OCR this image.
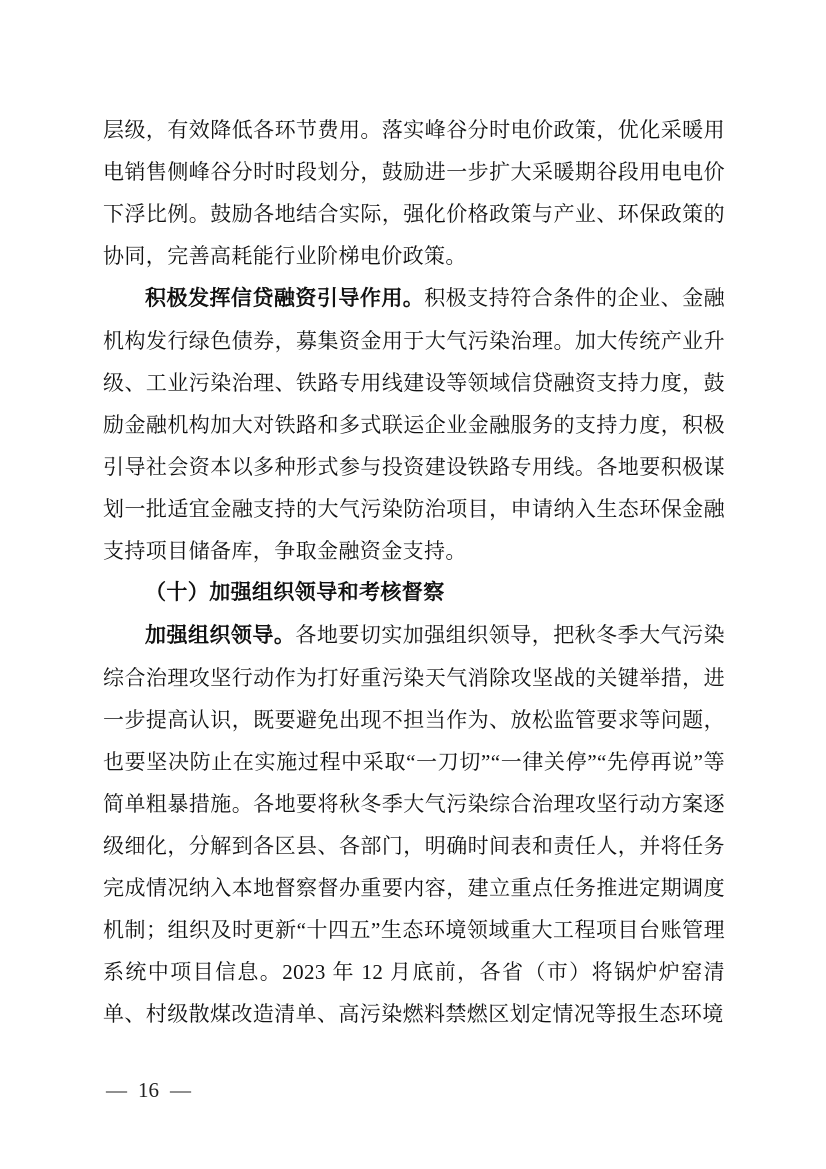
层级，有效降低各环节费用。落实峰谷分时电价政策，优化采暖用电销售侧峰谷分时时段划分，鼓励进一步扩大采暖期谷段用电电价下浮比例。鼓励各地结合实际，强化价格政策与产业、环保政策的协同，完善高耗能行业阶梯电价政策。

积极发挥信贷融资引导作用。积极支持符合条件的企业、金融机构发行绿色债券，募集资金用于大气污染治理。加大传统产业升级、工业污染治理、铁路专用线建设等领域信贷融资支持力度，鼓励金融机构加大对铁路和多式联运企业金融服务的支持力度，积极引导社会资本以多种形式参与投资建设铁路专用线。各地要积极谋划一批适宜金融支持的大气污染防治项目，申请纳入生态环保金融支持项目储备库，争取金融资金支持。

（十）加强组织领导和考核督察

加强组织领导。各地要切实加强组织领导，把秋冬季大气污染综合治理攻坚行动作为打好重污染天气消除攻坚战的关键举措，进一步提高认识，既要避免出现不担当作为、放松监管要求等问题，也要坚决防止在实施过程中采取“一刀切”“一律关停”“先停再说”等简单粗暴措施。各地要将秋冬季大气污染综合治理攻坚行动方案逐级细化，分解到各区县、各部门，明确时间表和责任人，并将任务完成情况纳入本地督察督办重要内容，建立重点任务推进定期调度机制；组织及时更新“十四五”生态环境领域重大工程项目台账管理系统中项目信息。2023 年 12 月底前，各省（市）将锅炉炉窑清单、村级散煤改造清单、高污染燃料禁燃区划定情况等报生态环境

— 16 —
